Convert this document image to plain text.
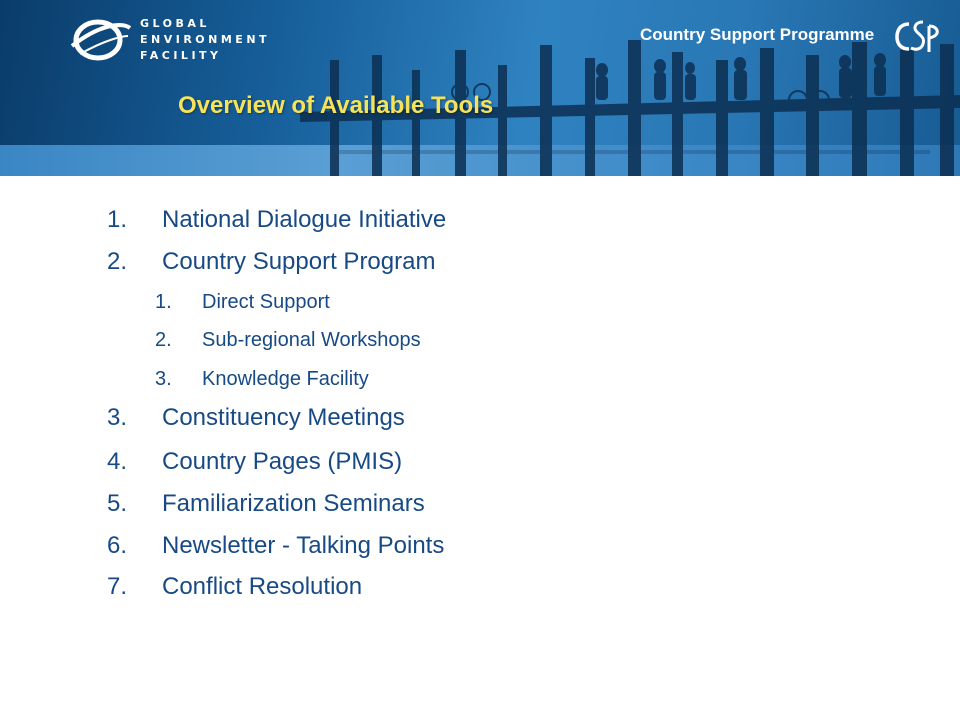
GLOBAL
ENVIRONMENT
FACILITY
Country Support Programme
Overview of Available Tools
1. National Dialogue Initiative
2. Country Support Program
1. Direct Support
2. Sub-regional Workshops
3. Knowledge Facility
3. Constituency Meetings
4. Country Pages (PMIS)
5. Familiarization Seminars
6. Newsletter - Talking Points
7. Conflict Resolution
